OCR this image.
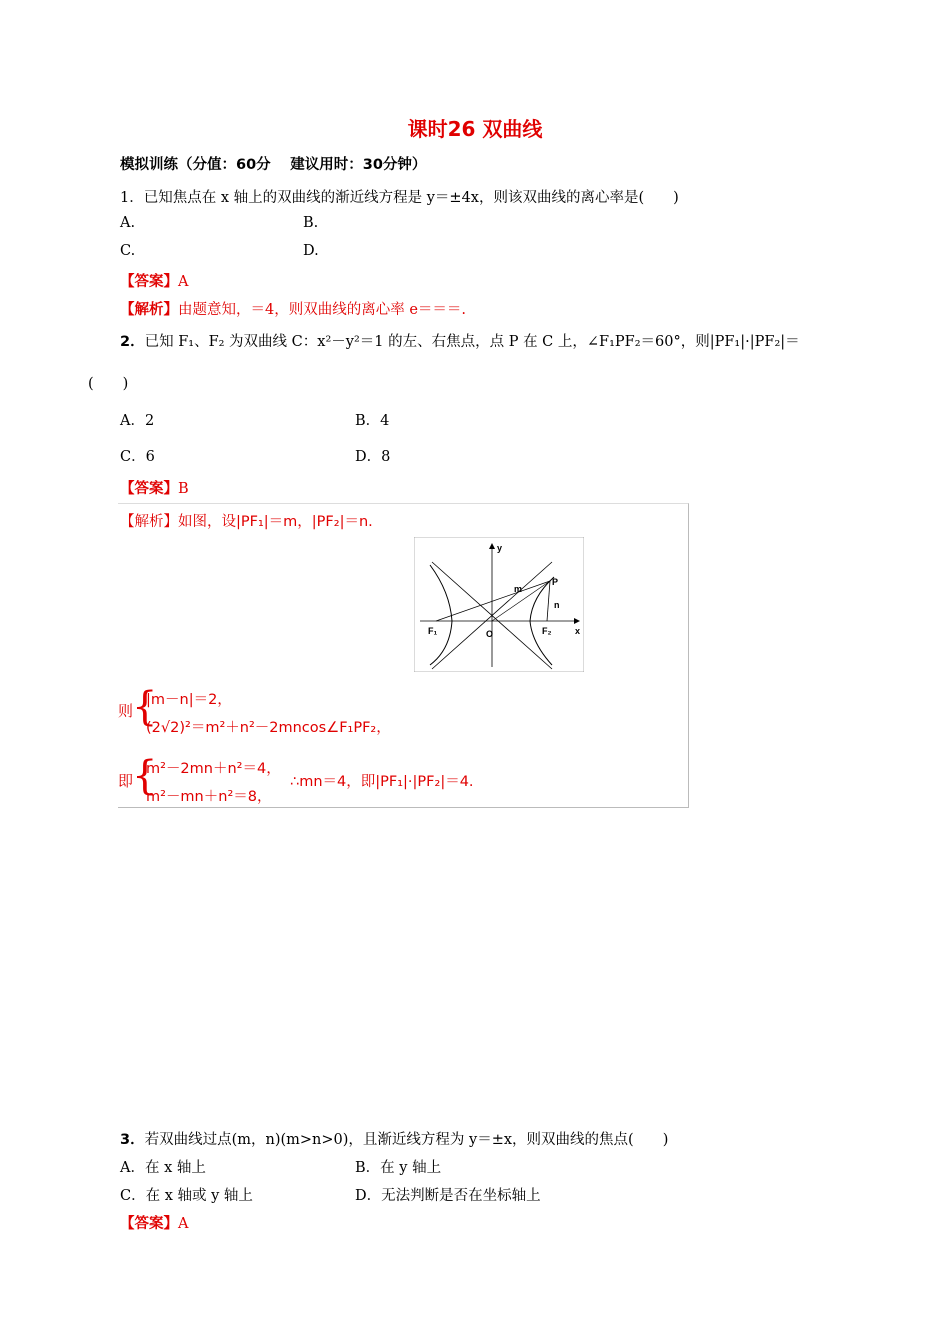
课时26 双曲线
模拟训练（分值：60分　 建议用时：30分钟）
1．已知焦点在 x 轴上的双曲线的渐近线方程是 y＝±4x，则该双曲线的离心率是(　　)
A.	B.
C.	D.
【答案】A
【解析】由题意知，＝4，则双曲线的离心率 e＝＝＝.
2．已知 F₁、F₂ 为双曲线 C：x²－y²＝1 的左、右焦点，点 P 在 C 上，∠F₁PF₂＝60°，则|PF₁|·|PF₂|＝
(　　)
A．2	B．4
C．6	D．8
【答案】B
【解析】如图，设|PF₁|＝m，|PF₂|＝n.
y
x
m
n
P
O
F₁	F₂
则
{
|m－n|＝2，
(2√2)²＝m²＋n²－2mncos∠F₁PF₂，
即
{
m²－2mn＋n²＝4，
m²－mn＋n²＝8，
∴mn＝4，即|PF₁|·|PF₂|＝4.
3．若双曲线过点(m，n)(m>n>0)，且渐近线方程为 y＝±x，则双曲线的焦点(　　)
A．在 x 轴上	B．在 y 轴上
C．在 x 轴或 y 轴上	D．无法判断是否在坐标轴上
【答案】A
